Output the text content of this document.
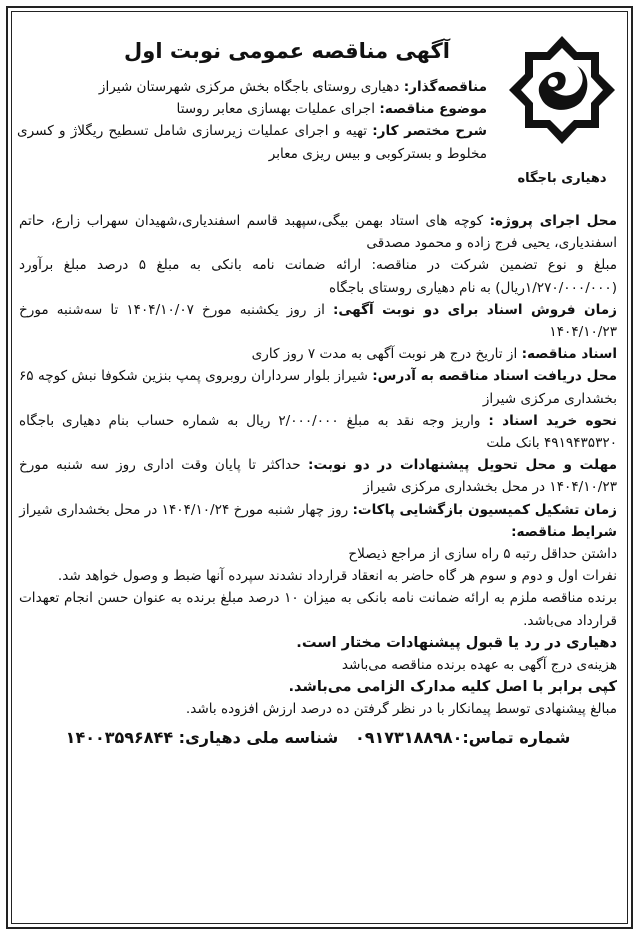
آگهی مناقصه عمومی نوبت اول
دهیاری باجگاه

مناقصه‌گذار: دهیاری روستای باجگاه بخش مرکزی شهرستان شیراز

موضوع مناقصه: اجرای عملیات بهسازی معابر روستا

شرح مختصر کار: تهیه و اجرای عملیات زیرسازی شامل تسطیح ریگلاژ و کسری مخلوط و بسترکوبی و بیس ریزی معابر

محل اجرای پروژه: کوچه های استاد بهمن بیگی،سپهبد قاسم اسفندیاری،شهیدان سهراب زارع، حاتم اسفندیاری، یحیی فرج زاده و محمود مصدقی

مبلغ و نوع تضمین شرکت در مناقصه: ارائه ضمانت نامه بانکی به مبلغ ۵ درصد مبلغ برآورد (۱/۲۷۰/۰۰۰/۰۰۰ریال) به نام دهیاری روستای باجگاه

زمان فروش اسناد برای دو نوبت آگهی: از روز یکشنبه مورخ ۱۴۰۴/۱۰/۰۷ تا سه‌شنبه مورخ ۱۴۰۴/۱۰/۲۳

اسناد مناقصه: از تاریخ درج هر نوبت آگهی به مدت ۷ روز کاری

محل دریافت اسناد مناقصه به آدرس: شیراز بلوار سرداران روبروی پمپ بنزین شکوفا نبش کوچه ۶۵ بخشداری مرکزی شیراز

نحوه خرید اسناد : واریز وجه نقد به مبلغ ۲/۰۰۰/۰۰۰ ریال به شماره حساب بنام دهیاری باجگاه ۴۹۱۹۴۳۵۳۲۰ بانک ملت

مهلت و محل تحویل پیشنهادات در دو نوبت: حداکثر تا پایان وقت اداری روز سه شنبه مورخ ۱۴۰۴/۱۰/۲۳ در محل بخشداری مرکزی شیراز

زمان تشکیل کمیسیون بازگشایی پاکات: روز چهار شنبه مورخ ۱۴۰۴/۱۰/۲۴ در محل بخشداری شیراز

شرایط مناقصه:

داشتن حداقل رتبه ۵ راه سازی از مراجع ذیصلاح

نفرات اول و دوم و سوم هر گاه حاضر به انعقاد قرارداد نشدند سپرده آنها ضبط و وصول خواهد شد.

برنده مناقصه ملزم به ارائه ضمانت نامه بانکی به میزان ۱۰ درصد مبلغ برنده به عنوان حسن انجام تعهدات قرارداد می‌باشد.

دهیاری در رد یا قبول پیشنهادات مختار است.

هزینه‌ی درج آگهی به عهده برنده مناقصه می‌باشد

کپی برابر با اصل کلیه مدارک الزامی می‌باشد.

مبالغ پیشنهادی توسط پیمانکار با در نظر گرفتن ده درصد ارزش افزوده باشد.

شماره تماس:۰۹۱۷۳۱۸۸۹۸۰   شناسه ملی دهیاری: ۱۴۰۰۳۵۹۶۸۴۴
